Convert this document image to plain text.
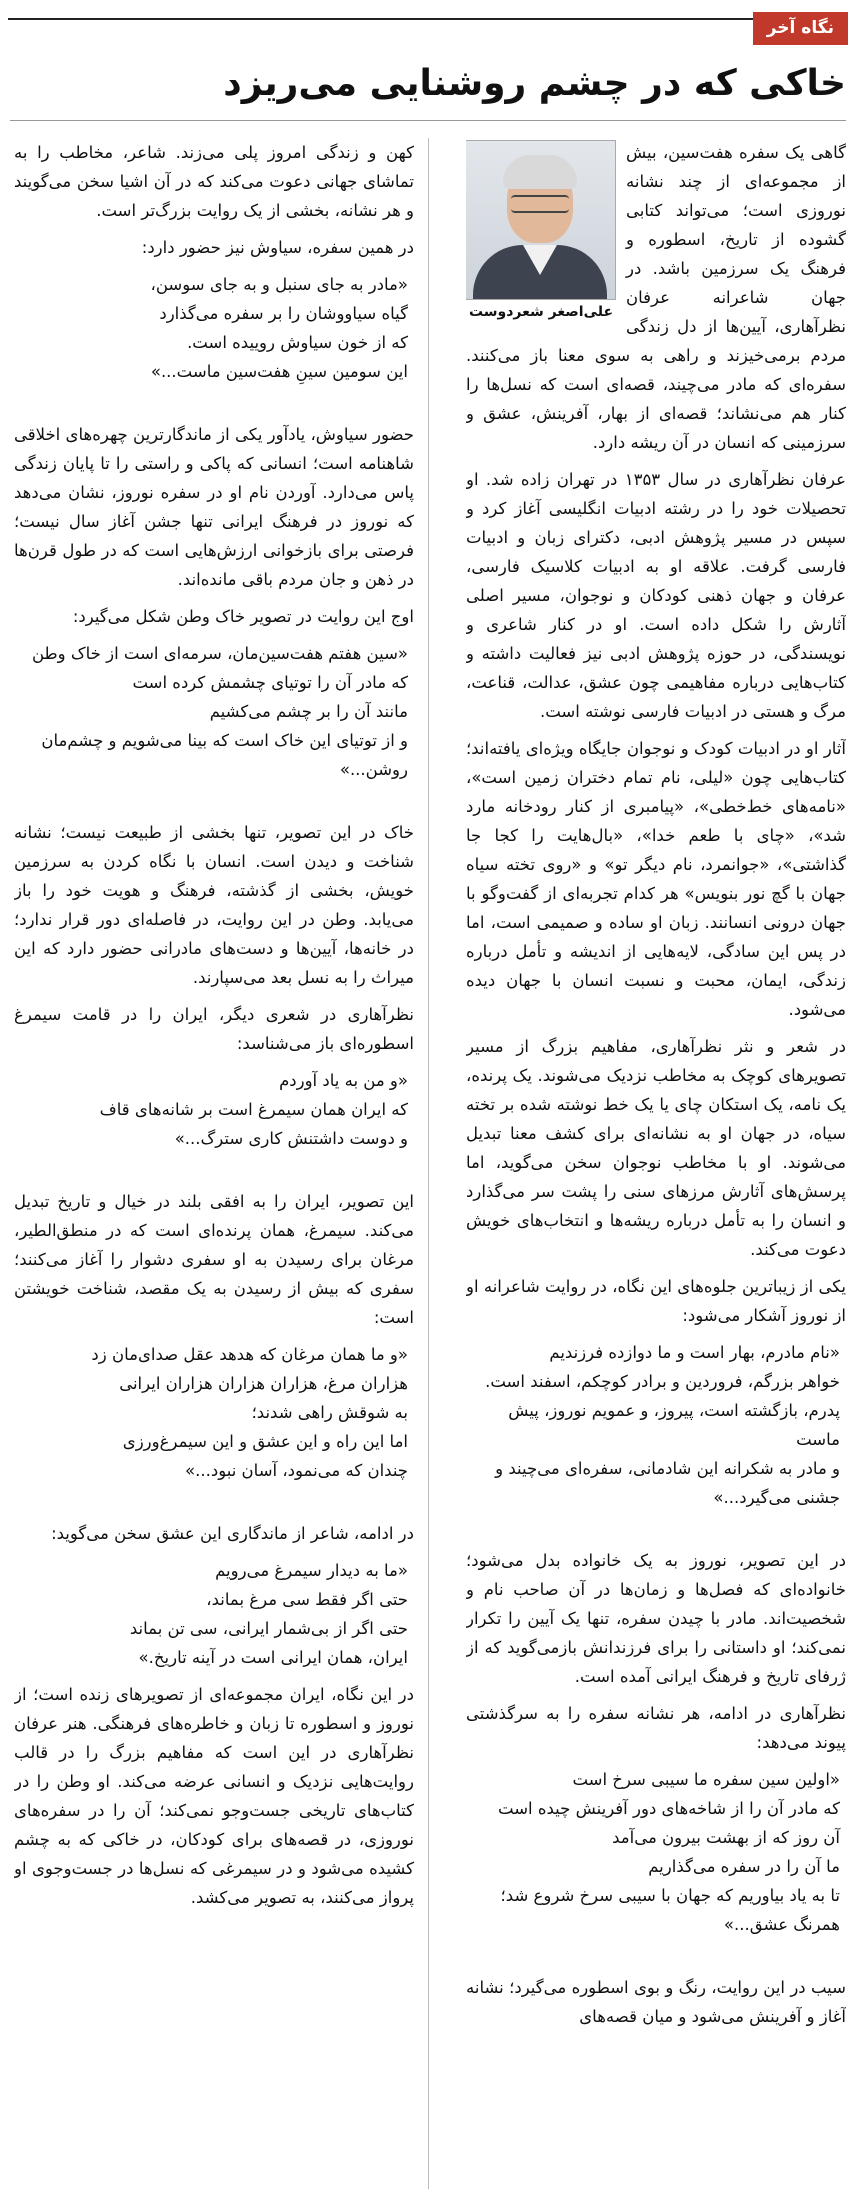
نگاه آخر
خاکی که در چشم روشنایی می‌ریزد
علی‌اصغر شعردوست

گاهی یک سفره هفت‌سین، بیش از مجموعه‌ای از چند نشانه نوروزی است؛ می‌تواند کتابی گشوده از تاریخ، اسطوره و فرهنگ یک سرزمین باشد. در جهان شاعرانه عرفان نظرآهاری، آیین‌ها از دل زندگی مردم برمی‌خیزند و راهی به سوی معنا باز می‌کنند. سفره‌ای که مادر می‌چیند، قصه‌ای است که نسل‌ها را کنار هم می‌نشاند؛ قصه‌ای از بهار، آفرینش، عشق و سرزمینی که انسان در آن ریشه دارد.

عرفان نظرآهاری در سال ۱۳۵۳ در تهران زاده شد. او تحصیلات خود را در رشته ادبیات انگلیسی آغاز کرد و سپس در مسیر پژوهش ادبی، دکترای زبان و ادبیات فارسی گرفت. علاقه او به ادبیات کلاسیک فارسی، عرفان و جهان ذهنی کودکان و نوجوان، مسیر اصلی آثارش را شکل داده است. او در کنار شاعری و نویسندگی، در حوزه پژوهش ادبی نیز فعالیت داشته و کتاب‌هایی درباره مفاهیمی چون عشق، عدالت، قناعت، مرگ و هستی در ادبیات فارسی نوشته است.

آثار او در ادبیات کودک و نوجوان جایگاه ویژه‌ای یافته‌اند؛ کتاب‌هایی چون «لیلی، نام تمام دختران زمین است»، «نامه‌های خط‌خطی»، «پیامبری از کنار رودخانه مارد شد»، «چای با طعم خدا»، «بال‌هایت را کجا جا گذاشتی»، «جوانمرد، نام دیگر تو» و «روی تخته سیاه جهان با گچ نور بنویس» هر کدام تجربه‌ای از گفت‌وگو با جهان درونی انسانند. زبان او ساده و صمیمی است، اما در پس این سادگی، لایه‌هایی از اندیشه و تأمل درباره زندگی، ایمان، محبت و نسبت انسان با جهان دیده می‌شود.

در شعر و نثر نظرآهاری، مفاهیم بزرگ از مسیر تصویرهای کوچک به مخاطب نزدیک می‌شوند. یک پرنده، یک نامه، یک استکان چای یا یک خط نوشته شده بر تخته سیاه، در جهان او به نشانه‌ای برای کشف معنا تبدیل می‌شوند. او با مخاطب نوجوان سخن می‌گوید، اما پرسش‌های آثارش مرزهای سنی را پشت سر می‌گذارد و انسان را به تأمل درباره ریشه‌ها و انتخاب‌های خویش دعوت می‌کند.

یکی از زیباترین جلوه‌های این نگاه، در روایت شاعرانه او از نوروز آشکار می‌شود:

«نام مادرم، بهار است و ما دوازده فرزندیم
خواهر بزرگم، فروردین و برادر کوچکم، اسفند است.
پدرم، بازگشته است، پیروز، و عمویم نوروز، پیش ماست
و مادر به شکرانه این شادمانی، سفره‌ای می‌چیند و جشنی می‌گیرد...»

در این تصویر، نوروز به یک خانواده بدل می‌شود؛ خانواده‌ای که فصل‌ها و زمان‌ها در آن صاحب نام و شخصیت‌اند. مادر با چیدن سفره، تنها یک آیین را تکرار نمی‌کند؛ او داستانی را برای فرزندانش بازمی‌گوید که از ژرفای تاریخ و فرهنگ ایرانی آمده است.

نظرآهاری در ادامه، هر نشانه سفره را به سرگذشتی پیوند می‌دهد:

«اولین سین سفره ما سیبی سرخ است
که مادر آن را از شاخه‌های دور آفرینش چیده است
آن روز که از بهشت بیرون می‌آمد
ما آن را در سفره می‌گذاریم
تا به یاد بیاوریم که جهان با سیبی سرخ شروع شد؛ همرنگ عشق...»

سیب در این روایت، رنگ و بوی اسطوره می‌گیرد؛ نشانه آغاز و آفرینش می‌شود و میان قصه‌های

کهن و زندگی امروز پلی می‌زند. شاعر، مخاطب را به تماشای جهانی دعوت می‌کند که در آن اشیا سخن می‌گویند و هر نشانه، بخشی از یک روایت بزرگ‌تر است.

در همین سفره، سیاوش نیز حضور دارد:

«مادر به جای سنبل و به جای سوسن،
گیاه سیاووشان را بر سفره می‌گذارد
که از خون سیاوش روییده است.
این سومین سینِ هفت‌سین ماست...»

حضور سیاوش، یادآور یکی از ماندگارترین چهره‌های اخلاقی شاهنامه است؛ انسانی که پاکی و راستی را تا پایان زندگی پاس می‌دارد. آوردن نام او در سفره نوروز، نشان می‌دهد که نوروز در فرهنگ ایرانی تنها جشن آغاز سال نیست؛ فرصتی برای بازخوانی ارزش‌هایی است که در طول قرن‌ها در ذهن و جان مردم باقی مانده‌اند.

اوج این روایت در تصویر خاک وطن شکل می‌گیرد:

«سین هفتم هفت‌سین‌مان، سرمه‌ای است از خاک وطن
که مادر آن را توتیای چشمش کرده است
مانند آن را بر چشم می‌کشیم
و از توتیای این خاک است که بینا می‌شویم و چشم‌مان روشن...»

خاک در این تصویر، تنها بخشی از طبیعت نیست؛ نشانه شناخت و دیدن است. انسان با نگاه کردن به سرزمین خویش، بخشی از گذشته، فرهنگ و هویت خود را باز می‌یابد. وطن در این روایت، در فاصله‌ای دور قرار ندارد؛ در خانه‌ها، آیین‌ها و دست‌های مادرانی حضور دارد که این میراث را به نسل بعد می‌سپارند.

نظرآهاری در شعری دیگر، ایران را در قامت سیمرغ اسطوره‌ای باز می‌شناسد:

«و من به یاد آوردم
که ایران همان سیمرغ است بر شانه‌های قاف
و دوست داشتنش کاری سترگ...»

این تصویر، ایران را به افقی بلند در خیال و تاریخ تبدیل می‌کند. سیمرغ، همان پرنده‌ای است که در منطق‌الطیر، مرغان برای رسیدن به او سفری دشوار را آغاز می‌کنند؛ سفری که بیش از رسیدن به یک مقصد، شناخت خویشتن است:

«و ما همان مرغان که هدهد عقل صدای‌مان زد
هزاران مرغ، هزاران هزاران هزاران ایرانی
به شوقش راهی شدند؛
اما این راه و این عشق و این سیمرغ‌ورزی
چندان که می‌نمود، آسان نبود...»

در ادامه، شاعر از ماندگاری این عشق سخن می‌گوید:

«ما به دیدار سیمرغ می‌رویم
حتی اگر فقط سی مرغ بماند،
حتی اگر از بی‌شمار ایرانی، سی تن بماند
ایران، همان ایرانی است در آینه تاریخ.»

در این نگاه، ایران مجموعه‌ای از تصویرهای زنده است؛ از نوروز و اسطوره تا زبان و خاطره‌های فرهنگی. هنر عرفان نظرآهاری در این است که مفاهیم بزرگ را در قالب روایت‌هایی نزدیک و انسانی عرضه می‌کند. او وطن را در کتاب‌های تاریخی جست‌وجو نمی‌کند؛ آن را در سفره‌های نوروزی، در قصه‌های برای کودکان، در خاکی که به چشم کشیده می‌شود و در سیمرغی که نسل‌ها در جست‌وجوی او پرواز می‌کنند، به تصویر می‌کشد.
